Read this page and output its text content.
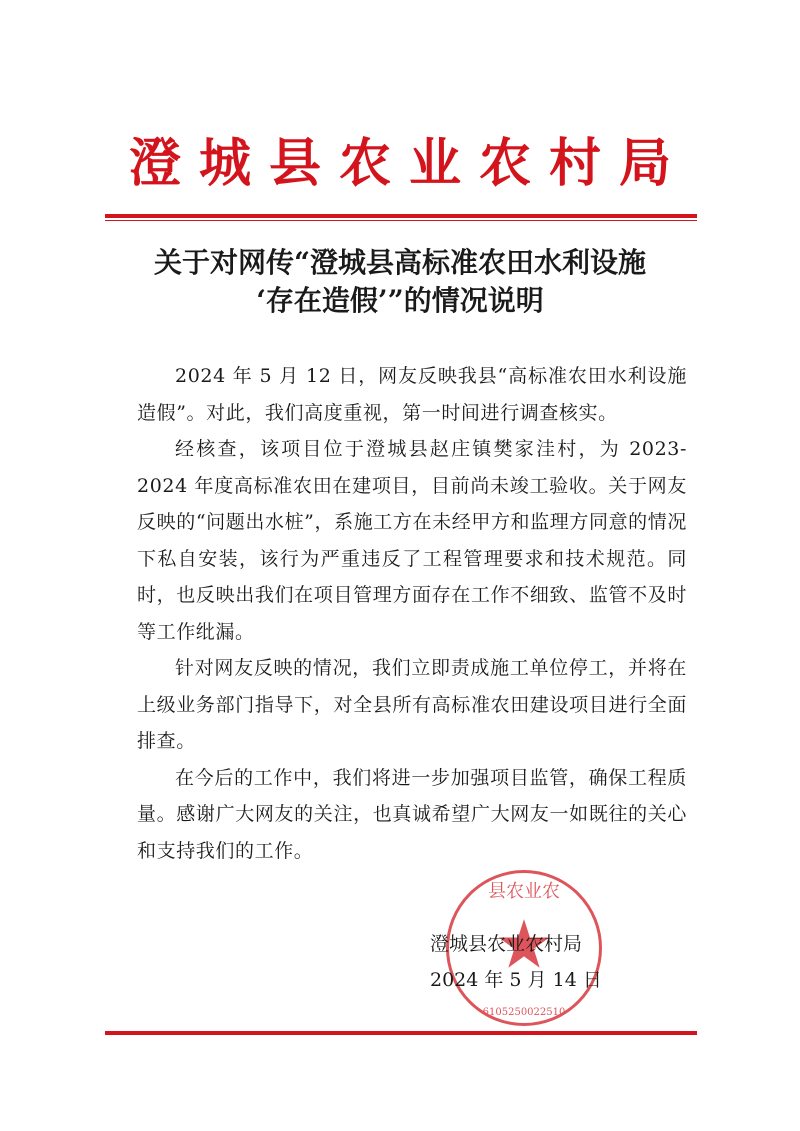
澄城县农业农村局
关于对网传“澄城县高标准农田水利设施
‘存在造假’”的情况说明

2024 年 5 月 12 日，网友反映我县“高标准农田水利设施造假”。对此，我们高度重视，第一时间进行调查核实。

经核查，该项目位于澄城县赵庄镇樊家洼村，为 2023-2024 年度高标准农田在建项目，目前尚未竣工验收。关于网友反映的“问题出水桩”，系施工方在未经甲方和监理方同意的情况下私自安装，该行为严重违反了工程管理要求和技术规范。同时，也反映出我们在项目管理方面存在工作不细致、监管不及时等工作纰漏。

针对网友反映的情况，我们立即责成施工单位停工，并将在上级业务部门指导下，对全县所有高标准农田建设项目进行全面排查。

在今后的工作中，我们将进一步加强项目监管，确保工程质量。感谢广大网友的关注，也真诚希望广大网友一如既往的关心和支持我们的工作。

县农业农
6105250022510
澄城县农业农村局
2024 年 5 月 14 日
